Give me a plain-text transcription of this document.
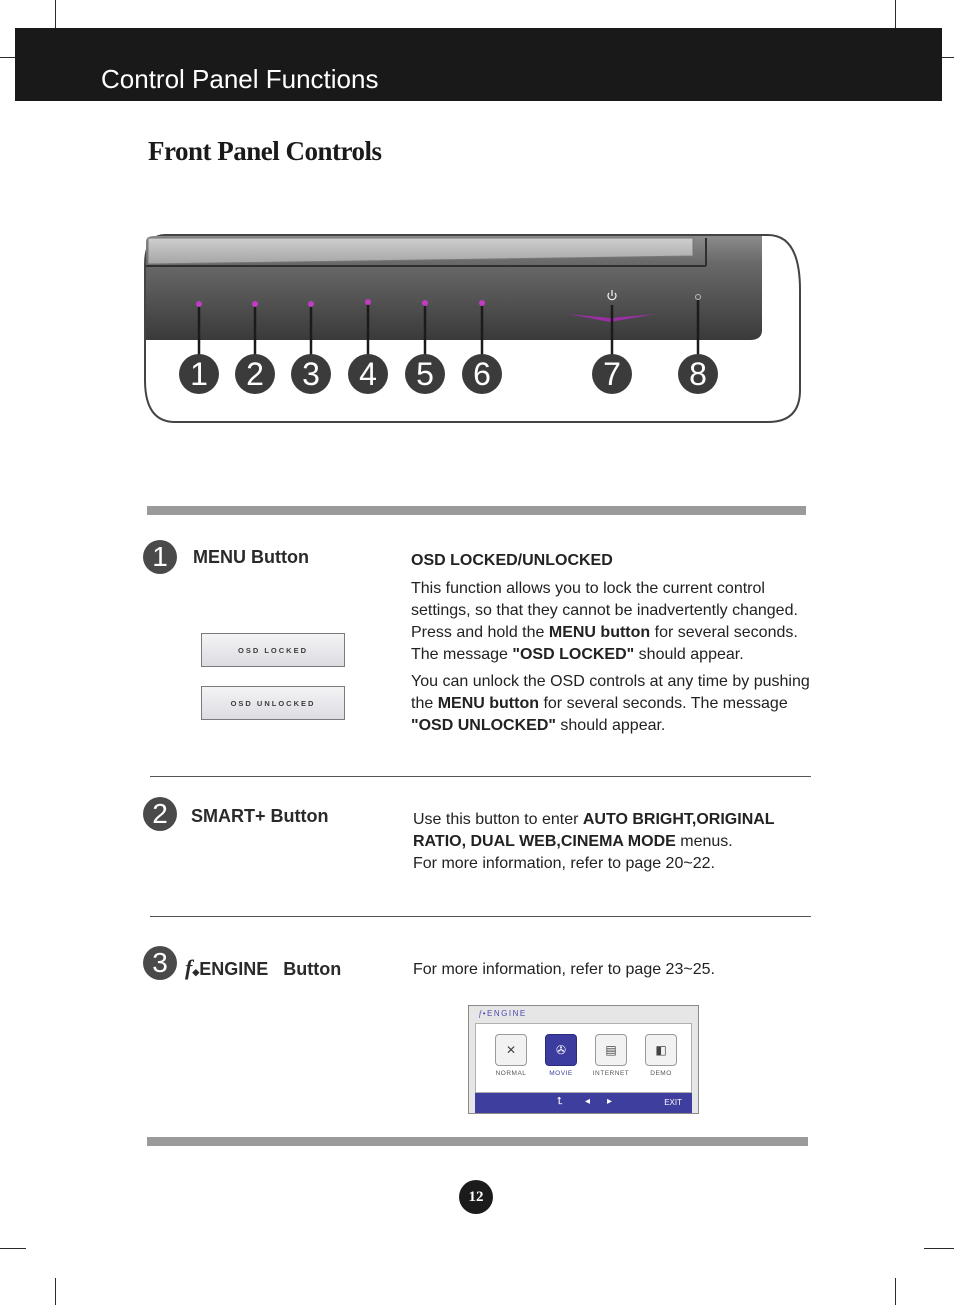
Control Panel Functions
Front Panel Controls
1	2	3	4	5	6	7	8
1	MENU Button
OSD LOCKED
OSD UNLOCKED
OSD LOCKED/UNLOCKED
This function allows you to lock the current control settings, so that they cannot be inadvertently changed. Press and hold the MENU button for several seconds. The message "OSD LOCKED" should appear.
You can unlock the OSD controls at any time by pushing the MENU button for several seconds. The message "OSD UNLOCKED" should appear.
2	SMART+ Button	Use this button to enter AUTO BRIGHT,ORIGINAL RATIO, DUAL WEB,CINEMA MODE menus.
For more information, refer to page 20~22.
3 f◆ENGINE   Button	For more information, refer to page 23~25.
f•ENGINE
✕
NORMAL
✇
MOVIE
▤
INTERNET
◧
DEMO
⮤ ◂ ▸	EXIT
12
